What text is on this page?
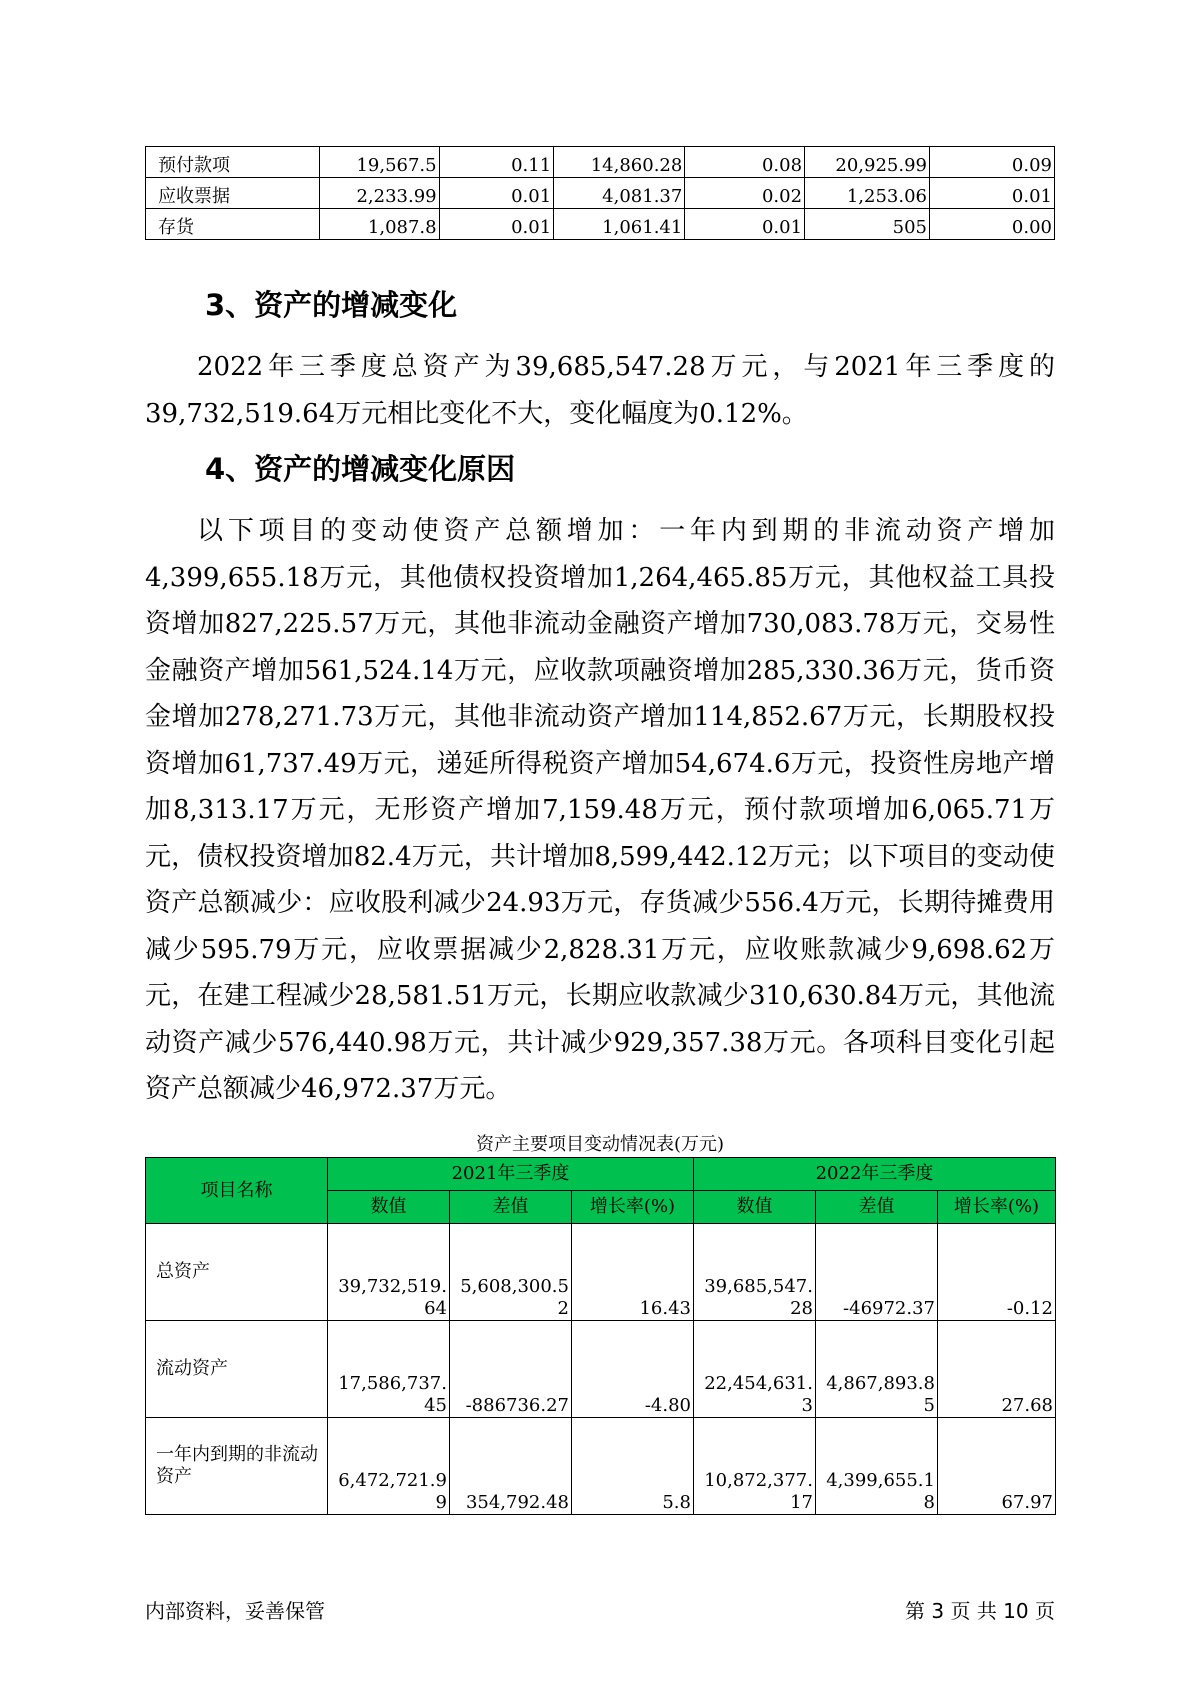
预付款项	19,567.5	0.11	14,860.28	0.08	20,925.99	0.09
应收票据	2,233.99	0.01	4,081.37	0.02	1,253.06	0.01
存货	1,087.8	0.01	1,061.41	0.01	505	0.00
3、资产的增减变化

2022年三季度总资产为39,685,547.28万元，与2021年三季度的39,732,519.64万元相比变化不大，变化幅度为0.12%。

4、资产的增减变化原因

以下项目的变动使资产总额增加：一年内到期的非流动资产增加4,399,655.18万元，其他债权投资增加1,264,465.85万元，其他权益工具投资增加827,225.57万元，其他非流动金融资产增加730,083.78万元，交易性金融资产增加561,524.14万元，应收款项融资增加285,330.36万元，货币资金增加278,271.73万元，其他非流动资产增加114,852.67万元，长期股权投资增加61,737.49万元，递延所得税资产增加54,674.6万元，投资性房地产增加8,313.17万元，无形资产增加7,159.48万元，预付款项增加6,065.71万元，债权投资增加82.4万元，共计增加8,599,442.12万元；以下项目的变动使资产总额减少：应收股利减少24.93万元，存货减少556.4万元，长期待摊费用减少595.79万元，应收票据减少2,828.31万元，应收账款减少9,698.62万元，在建工程减少28,581.51万元，长期应收款减少310,630.84万元，其他流动资产减少576,440.98万元，共计减少929,357.38万元。各项科目变化引起资产总额减少46,972.37万元。

资产主要项目变动情况表(万元)
项目名称	2021年三季度			2022年三季度		
	数值	差值	增长率(%)	数值	差值	增长率(%)
总资产	39,732,519.64	5,608,300.52	16.43	39,685,547.28	-46972.37	-0.12
流动资产	17,586,737.45	-886736.27	-4.80	22,454,631.3	4,867,893.85	27.68
一年内到期的非流动资产	6,472,721.99	354,792.48	5.8	10,872,377.17	4,399,655.18	67.97
内部资料，妥善保管	第 3 页 共 10 页
